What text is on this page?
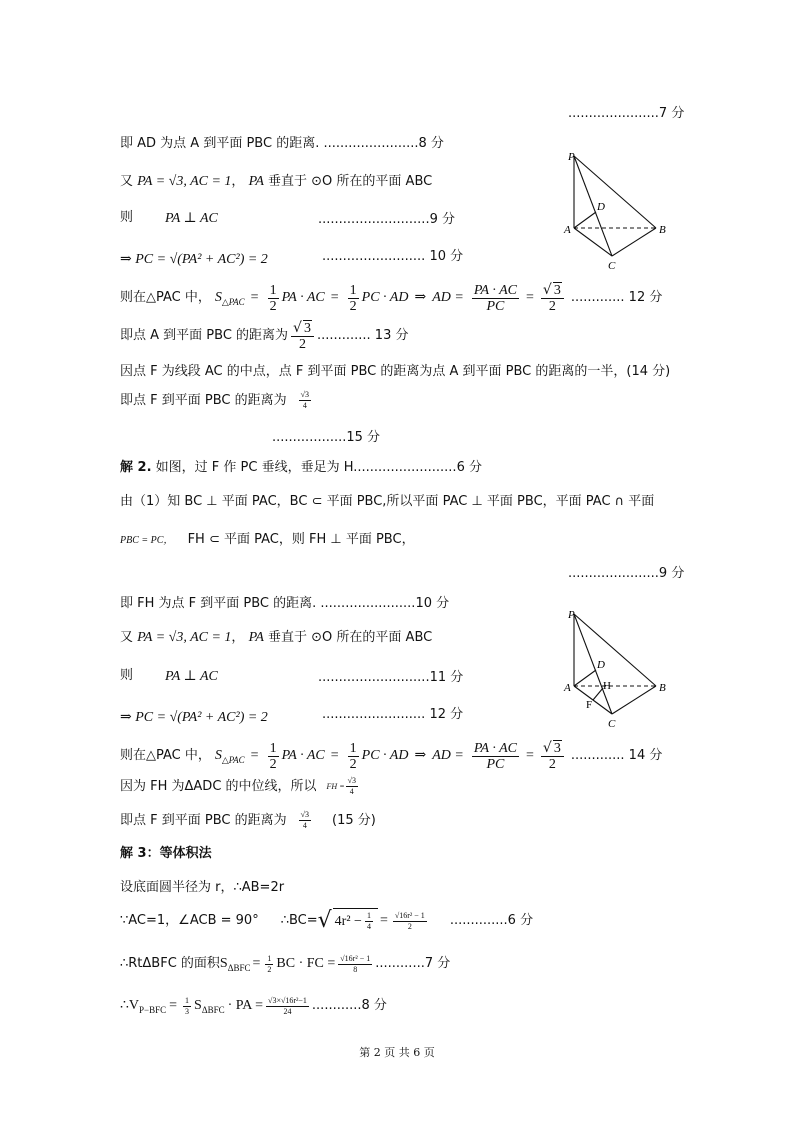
......................7 分
即 AD 为点 A 到平面 PBC 的距离. .......................8 分
又 PA = √3, AC = 1， PA 垂直于 ⊙O 所在的平面 ABC
则 PA ⊥ AC	...........................9 分
⇒ PC = √(PA² + AC²) = 2	......................... 10 分
则在△PAC 中， S △PAC = $\frac{1}{2}$ PA · AC = $\frac{1}{2}$ PC · AD ⇒ AD = $\frac{PA \cdot AC}{PC} = \frac{√ 3}{2}$ ............. 12 分
即点 A 到平面 PBC 的距离为 $\frac{√ 3}{2}$ ............. 13 分
因点 F 为线段 AC 的中点，点 F 到平面 PBC 的距离为点 A 到平面 PBC 的距离的一半，(14 分)
即点 F 到平面 PBC 的距离为 $\frac{√3}{4}$
..................15 分
P
D
A	B
C
解 2. 如图，过 F 作 PC 垂线，垂足为 H.........................6 分
由（1）知 BC ⊥ 平面 PAC，BC ⊂ 平面 PBC,所以平面 PAC ⊥ 平面 PBC，平面 PAC ∩ 平面
PBC = PC， FH ⊂ 平面 PAC，则 FH ⊥ 平面 PBC，
......................9 分
即 FH 为点 F 到平面 PBC 的距离. .......................10 分
又 PA = √3, AC = 1， PA 垂直于 ⊙O 所在的平面 ABC
则 PA ⊥ AC	...........................11 分
⇒ PC = √(PA² + AC²) = 2	......................... 12 分
则在△PAC 中， S △PAC = $\frac{1}{2}$ PA · AC = $\frac{1}{2}$ PC · AD ⇒ AD = $\frac{PA \cdot AC}{PC} = \frac{√ 3}{2}$ ............. 14 分
因为 FH 为ΔADC 的中位线，所以 FH = $\frac{√3}{4}$
即点 F 到平面 PBC 的距离为 $\frac{√3}{4} (15$ 分)
P
D
A	H	B
F
C
解 3：等体积法
设底面圆半径为 r，∴AB=2r
∵AC=1，∠ACB = 90° ∴BC= √ $4r^2 - \frac{1}{4} = \frac{\text{√16r² − 1}}{2} ..............6$ 分
∴RtΔBFC 的面积 S $\Delta BFC = \frac{1}{2}$ BC · FC = $\frac{\text{√16r² − 1}}{8} ............7$ 分
∴V $P-BFC = \frac{1}{3}$ S ΔBFC · PA = $\frac{\text{√3×√16r²−1}}{24} ............8$ 分
第 2 页 共 6 页
